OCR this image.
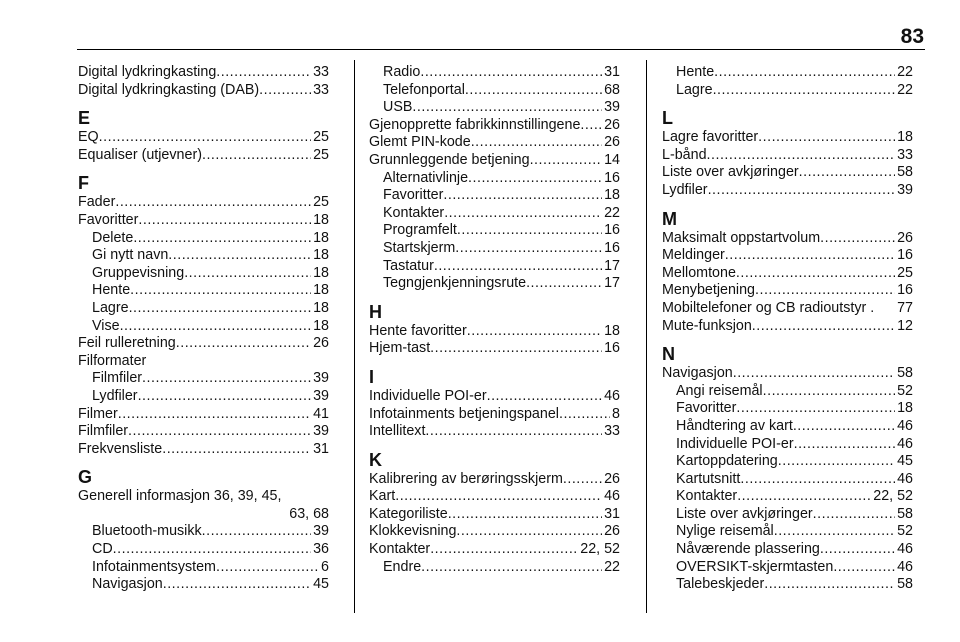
83
Digital lydkringkasting .....	33
Digital lydkringkasting (DAB) .....	33
E
EQ .....	25
Equaliser (utjevner) .....	25
F
Fader .....	25
Favoritter .....	18
Delete .....	18
Gi nytt navn .....	18
Gruppevisning .....	18
Hente .....	18
Lagre .....	18
Vise .....	18
Feil rulleretning .....	26
Filformater
Filmfiler .....	39
Lydfiler .....	39
Filmer .....	41
Filmfiler .....	39
Frekvensliste .....	31
G
Generell informasjon 36, 39, 45,
63, 68
Bluetooth-musikk .....	39
CD .....	36
Infotainmentsystem .....	6
Navigasjon .....	45
Radio .....	31
Telefonportal .....	68
USB .....	39
Gjenopprette fabrikkinnstillingene ..... 26
Glemt PIN-kode .....	26
Grunnleggende betjening .....	14
Alternativlinje .....	16
Favoritter .....	18
Kontakter .....	22
Programfelt .....	16
Startskjerm .....	16
Tastatur .....	17
Tegngjenkjenningsrute .....	17
H
Hente favoritter .....	18
Hjem-tast .....	16
I
Individuelle POI-er .....	46
Infotainments betjeningspanel .....	8
Intellitext .....	33
K
Kalibrering av berøringsskjerm .....	26
Kart .....	46
Kategoriliste .....	31
Klokkevisning .....	26
Kontakter .....	22, 52
Endre .....	22
Hente .....	22
Lagre .....	22
L
Lagre favoritter .....	18
L-bånd .....	33
Liste over avkjøringer .....	58
Lydfiler .....	39
M
Maksimalt oppstartvolum .....	26
Meldinger .....	16
Mellomtone .....	25
Menybetjening .....	16
Mobiltelefoner og CB radioutstyr . 77
Mute-funksjon .....	12
N
Navigasjon .....	58
Angi reisemål .....	52
Favoritter .....	18
Håndtering av kart .....	46
Individuelle POI-er .....	46
Kartoppdatering .....	45
Kartutsnitt .....	46
Kontakter .....	22, 52
Liste over avkjøringer .....	58
Nylige reisemål .....	52
Nåværende plassering .....	46
OVERSIKT-skjermtasten .....	46
Talebeskjeder .....	58
